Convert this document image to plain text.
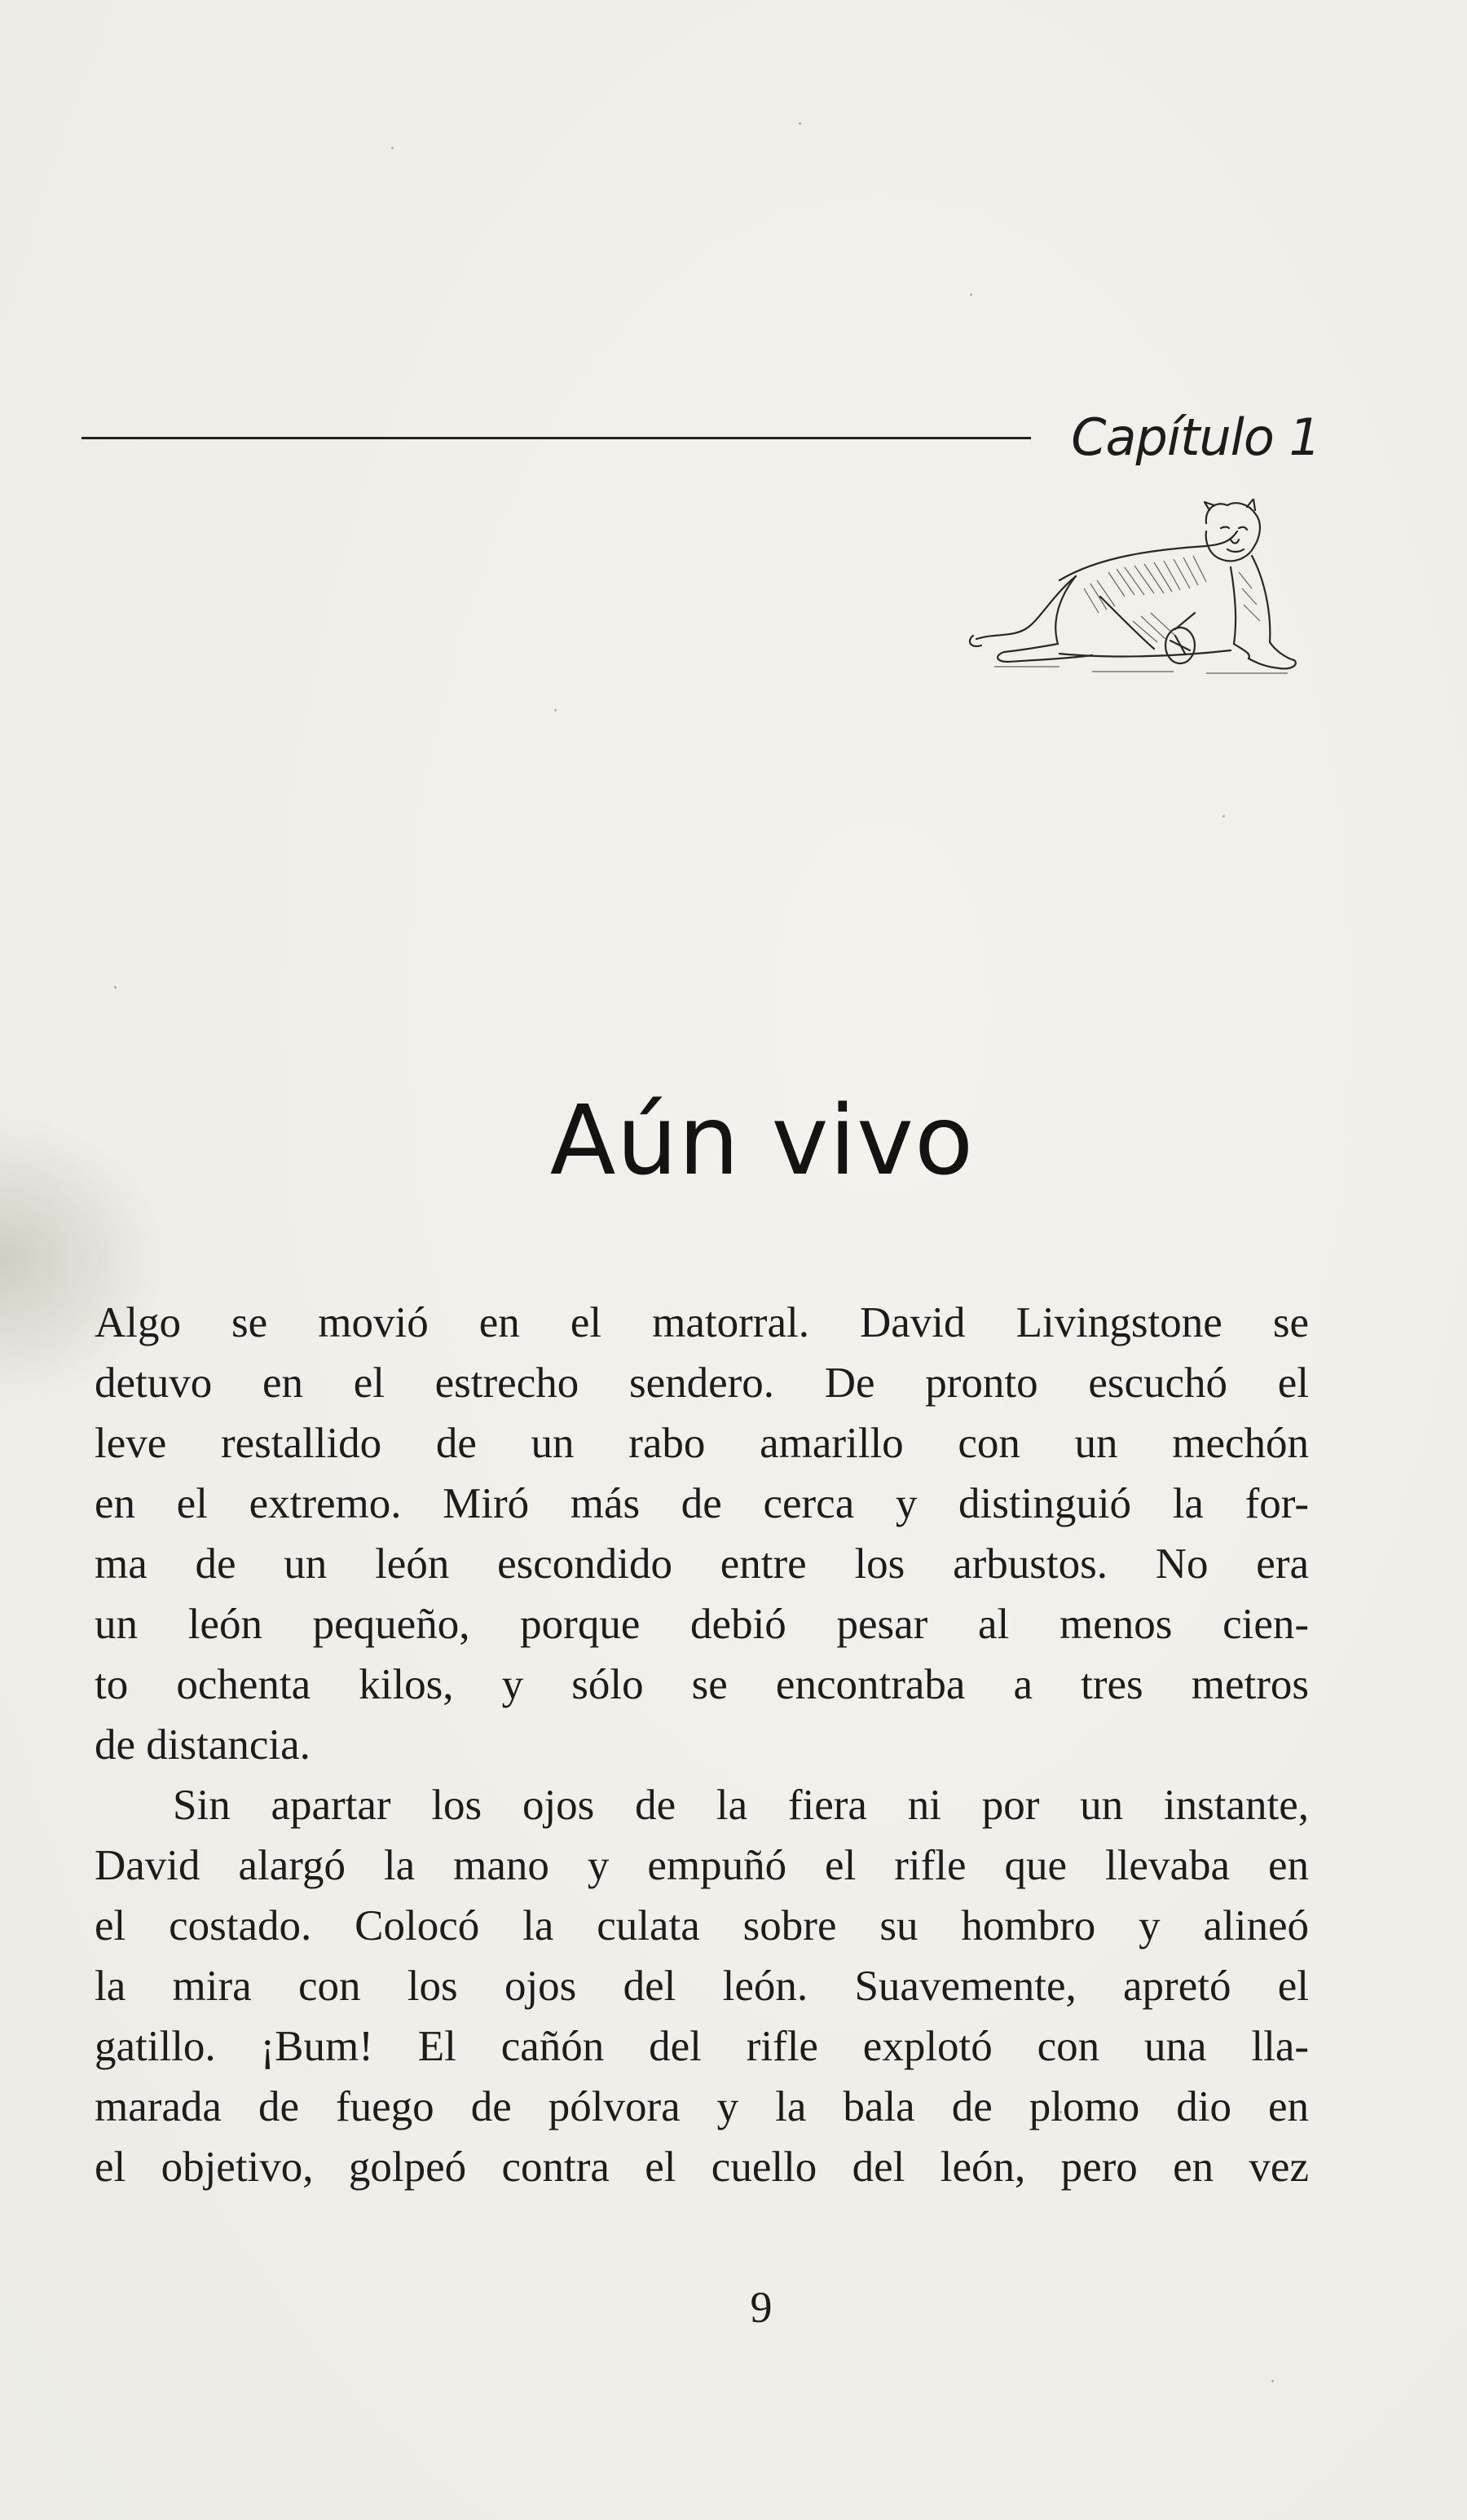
Capítulo 1
Aún vivo
Algo se movió en el matorral. David Livingstone se
detuvo en el estrecho sendero. De pronto escuchó el
leve restallido de un rabo amarillo con un mechón
en el extremo. Miró más de cerca y distinguió la for-
ma de un león escondido entre los arbustos. No era
un león pequeño, porque debió pesar al menos cien-
to ochenta kilos, y sólo se encontraba a tres metros
de distancia.
Sin apartar los ojos de la fiera ni por un instante,
David alargó la mano y empuñó el rifle que llevaba en
el costado. Colocó la culata sobre su hombro y alineó
la mira con los ojos del león. Suavemente, apretó el
gatillo. ¡Bum! El cañón del rifle explotó con una lla-
marada de fuego de pólvora y la bala de plomo dio en
el objetivo, golpeó contra el cuello del león, pero en vez
9
